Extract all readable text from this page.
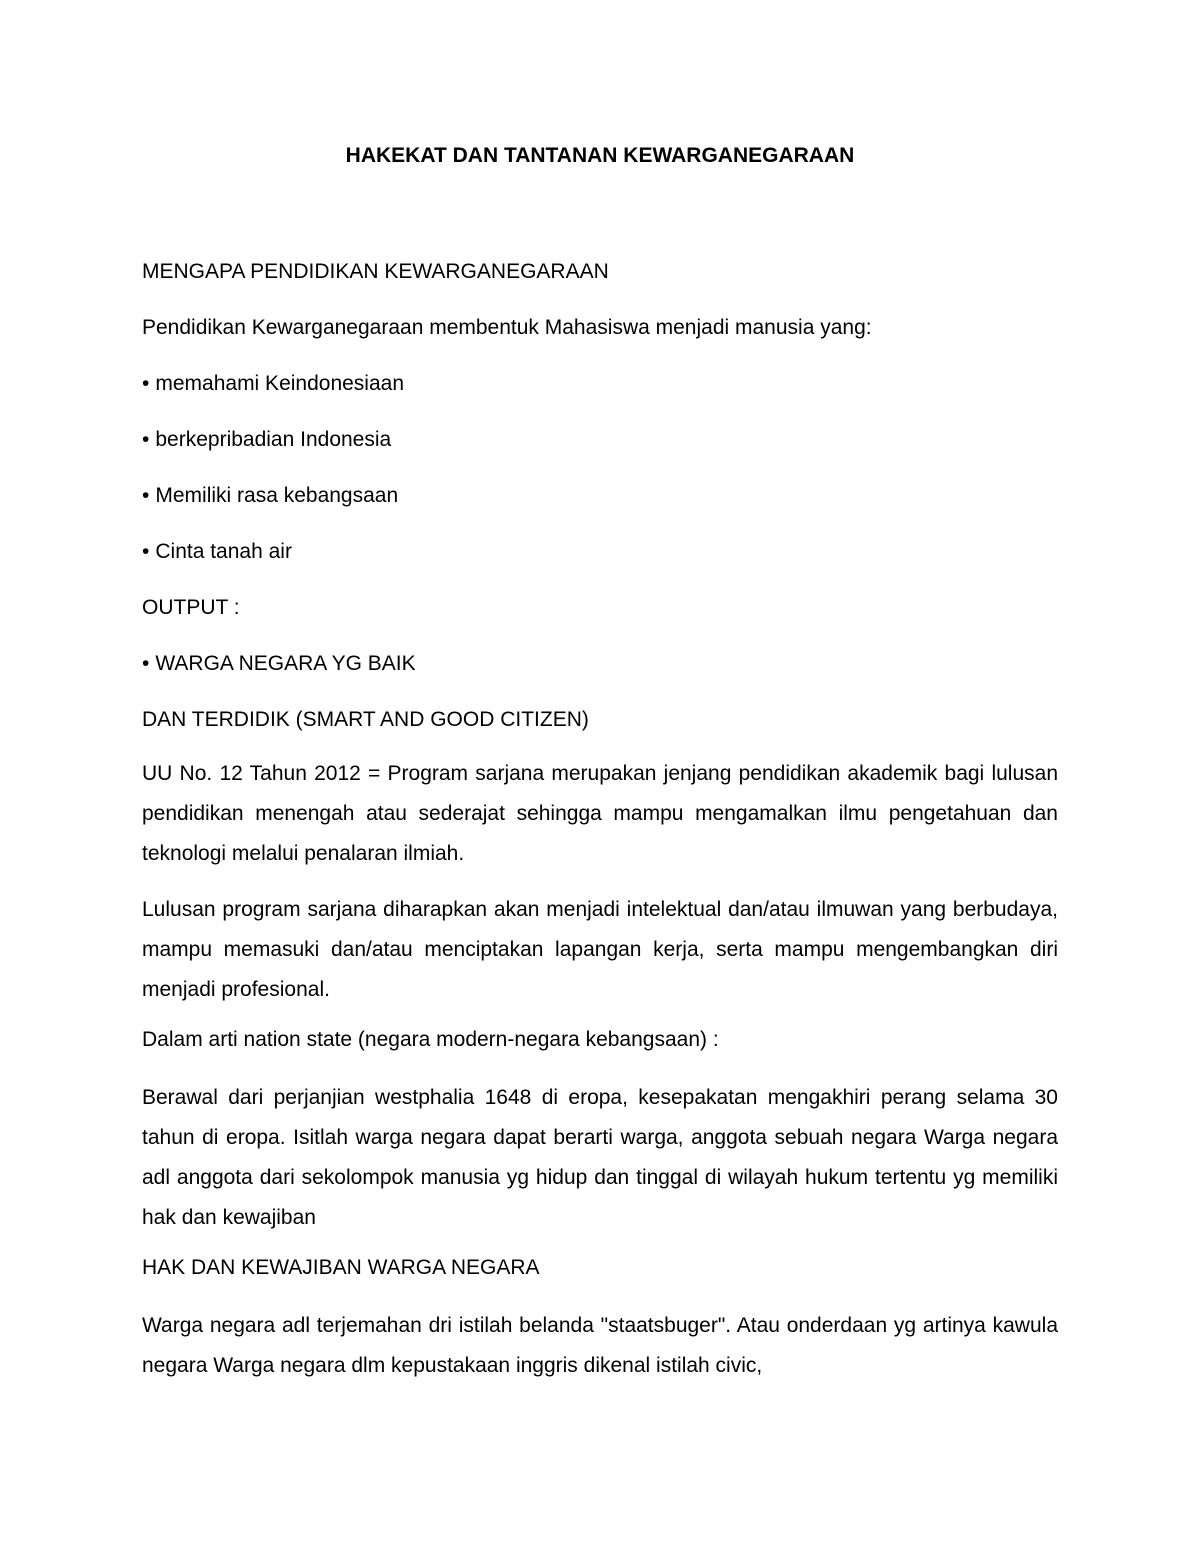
HAKEKAT DAN TANTANAN KEWARGANEGARAAN
MENGAPA PENDIDIKAN KEWARGANEGARAAN
Pendidikan Kewarganegaraan membentuk Mahasiswa menjadi manusia yang:
• memahami Keindonesiaan
• berkepribadian Indonesia
• Memiliki rasa kebangsaan
• Cinta tanah air
OUTPUT :
• WARGA NEGARA YG BAIK
DAN TERDIDIK (SMART AND GOOD CITIZEN)
UU No. 12 Tahun 2012 = Program sarjana merupakan jenjang pendidikan akademik bagi lulusan pendidikan menengah atau sederajat sehingga mampu mengamalkan ilmu pengetahuan dan teknologi melalui penalaran ilmiah.
Lulusan program sarjana diharapkan akan menjadi intelektual dan/atau ilmuwan yang berbudaya, mampu memasuki dan/atau menciptakan lapangan kerja, serta mampu mengembangkan diri menjadi profesional.
Dalam arti nation state (negara modern-negara kebangsaan) :
Berawal dari perjanjian westphalia 1648 di eropa, kesepakatan mengakhiri perang selama 30 tahun di eropa. Isitlah warga negara dapat berarti warga, anggota sebuah negara Warga negara adl anggota dari sekolompok manusia yg hidup dan tinggal di wilayah hukum tertentu yg memiliki hak dan kewajiban
HAK DAN KEWAJIBAN WARGA NEGARA
Warga negara adl terjemahan dri istilah belanda "staatsbuger". Atau onderdaan yg artinya kawula negara Warga negara dlm kepustakaan inggris dikenal istilah civic,
